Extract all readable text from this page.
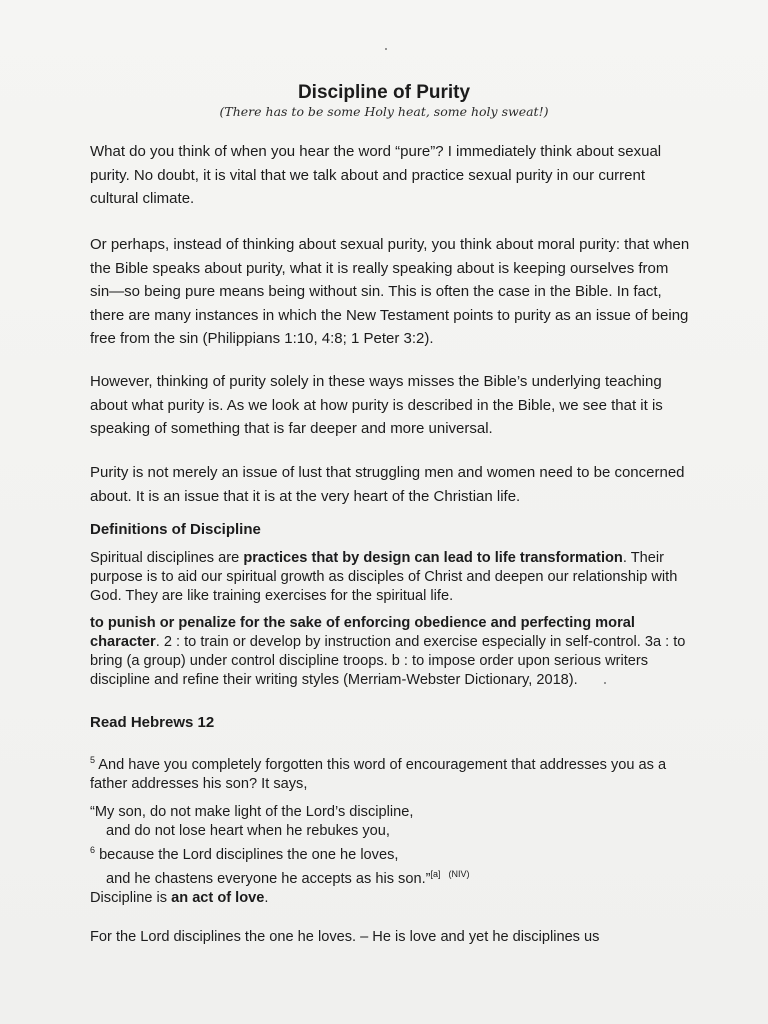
Discipline of Purity

(There has to be some Holy heat, some holy sweat!)

What do you think of when you hear the word “pure”? I immediately think about sexual purity. No doubt, it is vital that we talk about and practice sexual purity in our current cultural climate.

Or perhaps, instead of thinking about sexual purity, you think about moral purity: that when the Bible speaks about purity, what it is really speaking about is keeping ourselves from sin—so being pure means being without sin. This is often the case in the Bible. In fact, there are many instances in which the New Testament points to purity as an issue of being free from the sin (Philippians 1:10, 4:8; 1 Peter 3:2).

However, thinking of purity solely in these ways misses the Bible’s underlying teaching about what purity is. As we look at how purity is described in the Bible, we see that it is speaking of something that is far deeper and more universal.

Purity is not merely an issue of lust that struggling men and women need to be concerned about. It is an issue that it is at the very heart of the Christian life.

Definitions of Discipline

Spiritual disciplines are practices that by design can lead to life transformation. Their purpose is to aid our spiritual growth as disciples of Christ and deepen our relationship with God. They are like training exercises for the spiritual life.

to punish or penalize for the sake of enforcing obedience and perfecting moral character. 2 : to train or develop by instruction and exercise especially in self-control. 3a : to bring (a group) under control discipline troops. b : to impose order upon serious writers discipline and refine their writing styles (Merriam-Webster Dictionary, 2018).

Read Hebrews 12

$^5$ And have you completely forgotten this word of encouragement that addresses you as a father addresses his son? It says,

“My son, do not make light of the Lord’s discipline,
and do not lose heart when he rebukes you,
$^6$ because the Lord disciplines the one he loves,
and he chastens everyone he accepts as his son.”[a] $^{(NIV)}$

Discipline is an act of love.

For the Lord disciplines the one he loves. – He is love and yet he disciplines us
